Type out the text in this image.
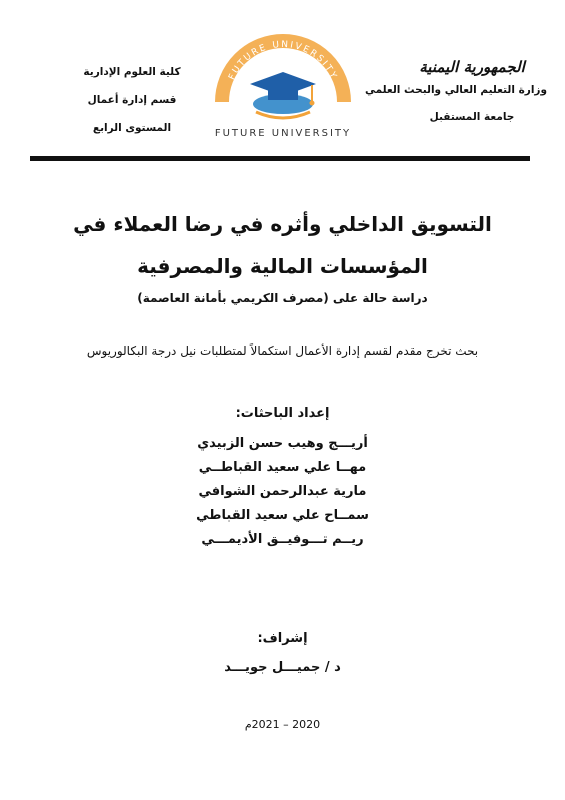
الجمهورية اليمنية
وزارة التعليم العالي والبحث العلمي
جامعة المستقبل
FUTURE UNIVERSITY
FUTURE UNIVERSITY
كلية العلوم الإدارية
قسم إدارة أعمال
المستوى الرابع
التسويق الداخلي وأثره في رضا العملاء في
المؤسسات المالية والمصرفية
دراسة حالة على (مصرف الكريمي بأمانة العاصمة)
بحث تخرج مقدم لقسم إدارة الأعمال استكمالاً لمتطلبات نيل درجة البكالوريوس
إعداد الباحثات:
أريـــج وهيب حسن الزبيدي
مهــا علي سعيد القباطــي
مارية عبدالرحمن الشوافي
سمــاح علي سعيد القباطي
ريــم تـــوفيــق الأديمـــي
إشراف:
د / جميـــل جويـــد
2020 – 2021م
